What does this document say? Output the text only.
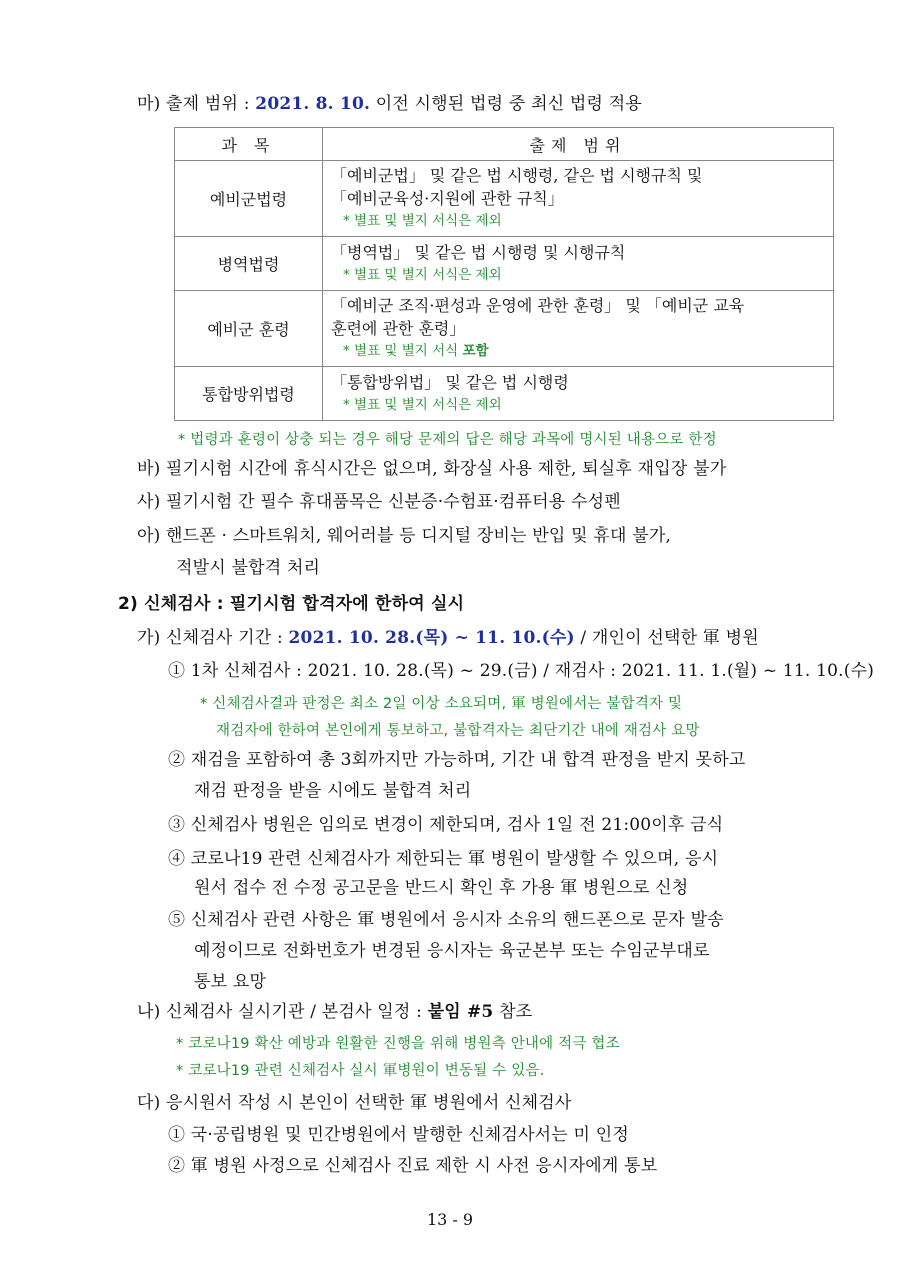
마) 출제 범위 : 2021. 8. 10. 이전 시행된 법령 중 최신 법령 적용
과 목	출제 범위
예비군법령	「예비군법」 및 같은 법 시행령, 같은 법 시행규칙 및
「예비군육성·지원에 관한 규칙」
* 별표 및 별지 서식은 제외

병역법령	「병역법」 및 같은 법 시행령 및 시행규칙
* 별표 및 별지 서식은 제외

예비군 훈령	「예비군 조직·편성과 운영에 관한 훈령」 및 「예비군 교육
훈련에 관한 훈령」
* 별표 및 별지 서식 포함

통합방위법령	「통합방위법」 및 같은 법 시행령
* 별표 및 별지 서식은 제외
* 법령과 훈령이 상충 되는 경우 해당 문제의 답은 해당 과목에 명시된 내용으로 한정
바) 필기시험 시간에 휴식시간은 없으며, 화장실 사용 제한, 퇴실후 재입장 불가
사) 필기시험 간 필수 휴대품목은 신분증·수험표·컴퓨터용 수성펜
아) 핸드폰 · 스마트워치, 웨어러블 등 디지털 장비는 반입 및 휴대 불가,
적발시 불합격 처리
2) 신체검사 : 필기시험 합격자에 한하여 실시
가) 신체검사 기간 : 2021. 10. 28.(목) ~ 11. 10.(수) / 개인이 선택한 軍 병원
① 1차 신체검사 : 2021. 10. 28.(목) ~ 29.(금) / 재검사 : 2021. 11. 1.(월) ~ 11. 10.(수)
* 신체검사결과 판정은 최소 2일 이상 소요되며, 軍 병원에서는 불합격자 및
재검자에 한하여 본인에게 통보하고, 불합격자는 최단기간 내에 재검사 요망
② 재검을 포함하여 총 3회까지만 가능하며, 기간 내 합격 판정을 받지 못하고
재검 판정을 받을 시에도 불합격 처리
③ 신체검사 병원은 임의로 변경이 제한되며, 검사 1일 전 21:00이후 금식
④ 코로나19 관련 신체검사가 제한되는 軍 병원이 발생할 수 있으며, 응시
원서 접수 전 수정 공고문을 반드시 확인 후 가용 軍 병원으로 신청
⑤ 신체검사 관련 사항은 軍 병원에서 응시자 소유의 핸드폰으로 문자 발송
예정이므로 전화번호가 변경된 응시자는 육군본부 또는 수임군부대로
통보 요망
나) 신체검사 실시기관 / 본검사 일정 : 붙임 #5 참조
* 코로나19 확산 예방과 원활한 진행을 위해 병원측 안내에 적극 협조
* 코로나19 관련 신체검사 실시 軍병원이 변동될 수 있음.
다) 응시원서 작성 시 본인이 선택한 軍 병원에서 신체검사
① 국·공립병원 및 민간병원에서 발행한 신체검사서는 미 인정
② 軍 병원 사정으로 신체검사 진료 제한 시 사전 응시자에게 통보
13 - 9
